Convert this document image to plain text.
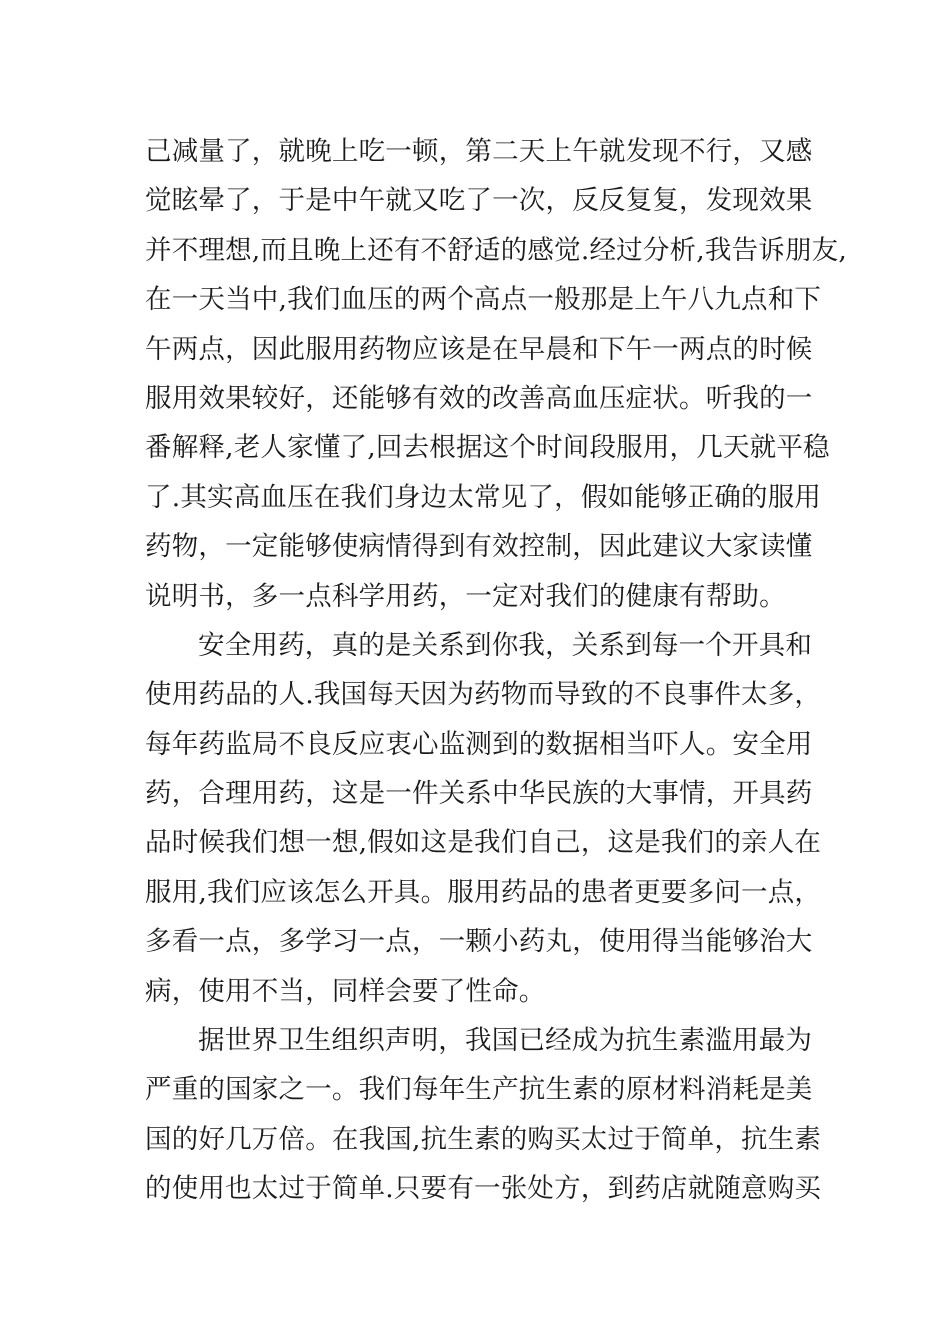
己减量了，就晚上吃一顿，第二天上午就发现不行，又感
觉眩晕了，于是中午就又吃了一次，反反复复，发现效果
并不理想,而且晚上还有不舒适的感觉.经过分析,我告诉朋友,
在一天当中,我们血压的两个高点一般那是上午八九点和下
午两点，因此服用药物应该是在早晨和下午一两点的时候
服用效果较好，还能够有效的改善高血压症状。听我的一
番解释,老人家懂了,回去根据这个时间段服用，几天就平稳
了.其实高血压在我们身边太常见了，假如能够正确的服用
药物，一定能够使病情得到有效控制，因此建议大家读懂
说明书，多一点科学用药，一定对我们的健康有帮助。
安全用药，真的是关系到你我，关系到每一个开具和
使用药品的人.我国每天因为药物而导致的不良事件太多，
每年药监局不良反应衷心监测到的数据相当吓人。安全用
药，合理用药，这是一件关系中华民族的大事情，开具药
品时候我们想一想,假如这是我们自己，这是我们的亲人在
服用,我们应该怎么开具。服用药品的患者更要多问一点，
多看一点，多学习一点，一颗小药丸，使用得当能够治大
病，使用不当，同样会要了性命。
据世界卫生组织声明，我国已经成为抗生素滥用最为
严重的国家之一。我们每年生产抗生素的原材料消耗是美
国的好几万倍。在我国,抗生素的购买太过于简单，抗生素
的使用也太过于简单.只要有一张处方，到药店就随意购买
